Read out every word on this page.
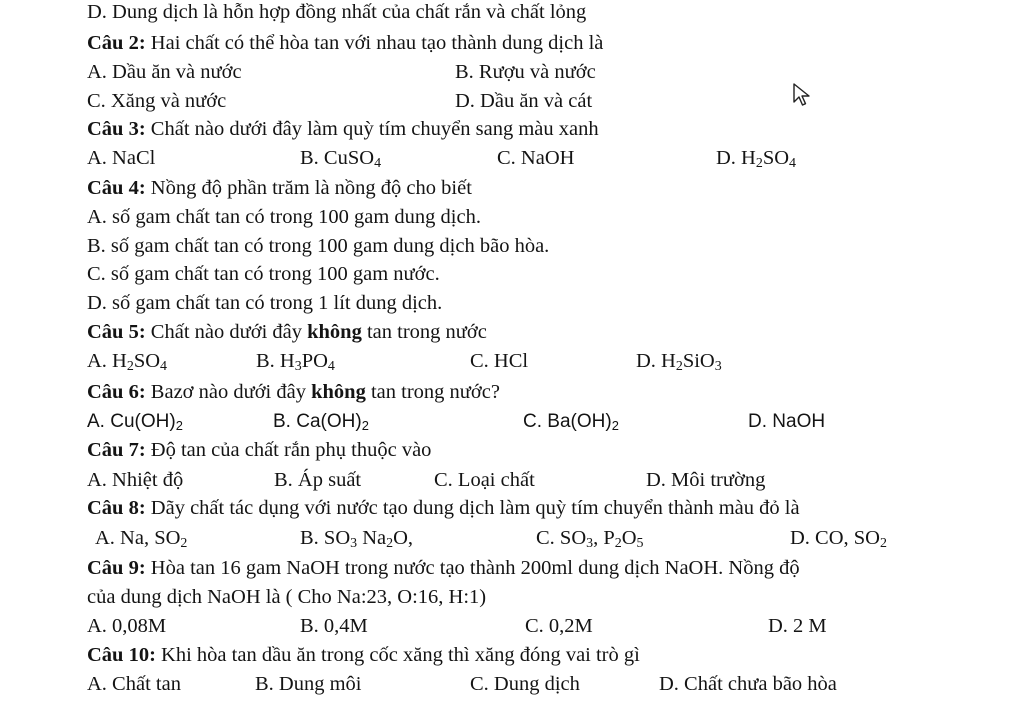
D. Dung dịch là hỗn hợp đồng nhất của chất rắn và chất lỏng
Câu 2: Hai chất có thể hòa tan với nhau tạo thành dung dịch là
A. Dầu ăn và nước	B. Rượu và nước
C. Xăng và nước	D. Dầu ăn và cát
Câu 3: Chất nào dưới đây làm quỳ tím chuyển sang màu xanh
A. NaCl	B. CuSO$_4$	C. NaOH	D. $H_2SO_4$
Câu 4: Nồng độ phần trăm là nồng độ cho biết
A. số gam chất tan có trong 100 gam dung dịch.
B. số gam chất tan có trong 100 gam dung dịch bão hòa.
C. số gam chất tan có trong 100 gam nước.
D. số gam chất tan có trong 1 lít dung dịch.
Câu 5: Chất nào dưới đây không tan trong nước
A. $H_2SO_4$	B. $H_3PO_4$	C. HCl	D. $H_2SiO_3$
Câu 6: Bazơ nào dưới đây không tan trong nước?
A. $Cu(OH)_2$	B. $Ca(OH)_2$	C. $Ba(OH)_2$	D. NaOH
Câu 7: Độ tan của chất rắn phụ thuộc vào
A. Nhiệt độ	B. Áp suất	C. Loại chất	D. Môi trường
Câu 8: Dãy chất tác dụng với nước tạo dung dịch làm quỳ tím chuyển thành màu đỏ là
A. Na, $SO_2$	B. $SO_3$ $Na_2O$,	C. $SO_3$, $P_2O_5$	D. CO, $SO_2$
Câu 9: Hòa tan 16 gam NaOH trong nước tạo thành 200ml dung dịch NaOH. Nồng độ
của dung dịch NaOH là ( Cho Na:23, O:16, H:1)
A. 0,08M	B. 0,4M	C. 0,2M	D. 2 M
Câu 10: Khi hòa tan dầu ăn trong cốc xăng thì xăng đóng vai trò gì
A. Chất tan	B. Dung môi	C. Dung dịch	D. Chất chưa bão hòa
